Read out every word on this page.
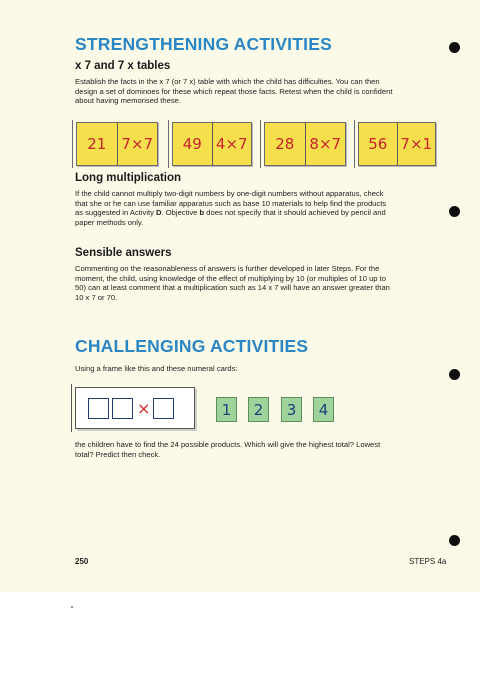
STRENGTHENING ACTIVITIES
x 7 and 7 x tables

Establish the facts in the x 7 (or 7 x) table with which the child has difficulties. You can then design a set of dominoes for these which repeat those facts. Retest when the child is confident about having memorised these.

21	7×7	49 4×7	28	8×7	56 7×1
Long multiplication

If the child cannot multiply two-digit numbers by one-digit numbers without apparatus, check that she or he can use familiar apparatus such as base 10 materials to help find the products as suggested in Activity D. Objective b does not specify that it should achieved by pencil and paper methods only.

Sensible answers

Commenting on the reasonableness of answers is further developed in later Steps. For the moment, the child, using knowledge of the effect of multiplying by 10 (or multiples of 10 up to 50) can at least comment that a multiplication such as 14 x 7 will have an answer greater than 10 x 7 or 70.

CHALLENGING ACTIVITIES

Using a frame like this and these numeral cards:

×	1	2	3	4

the children have to find the 24 possible products. Which will give the highest total? Lowest total? Predict then check.

250	STEPS 4a
